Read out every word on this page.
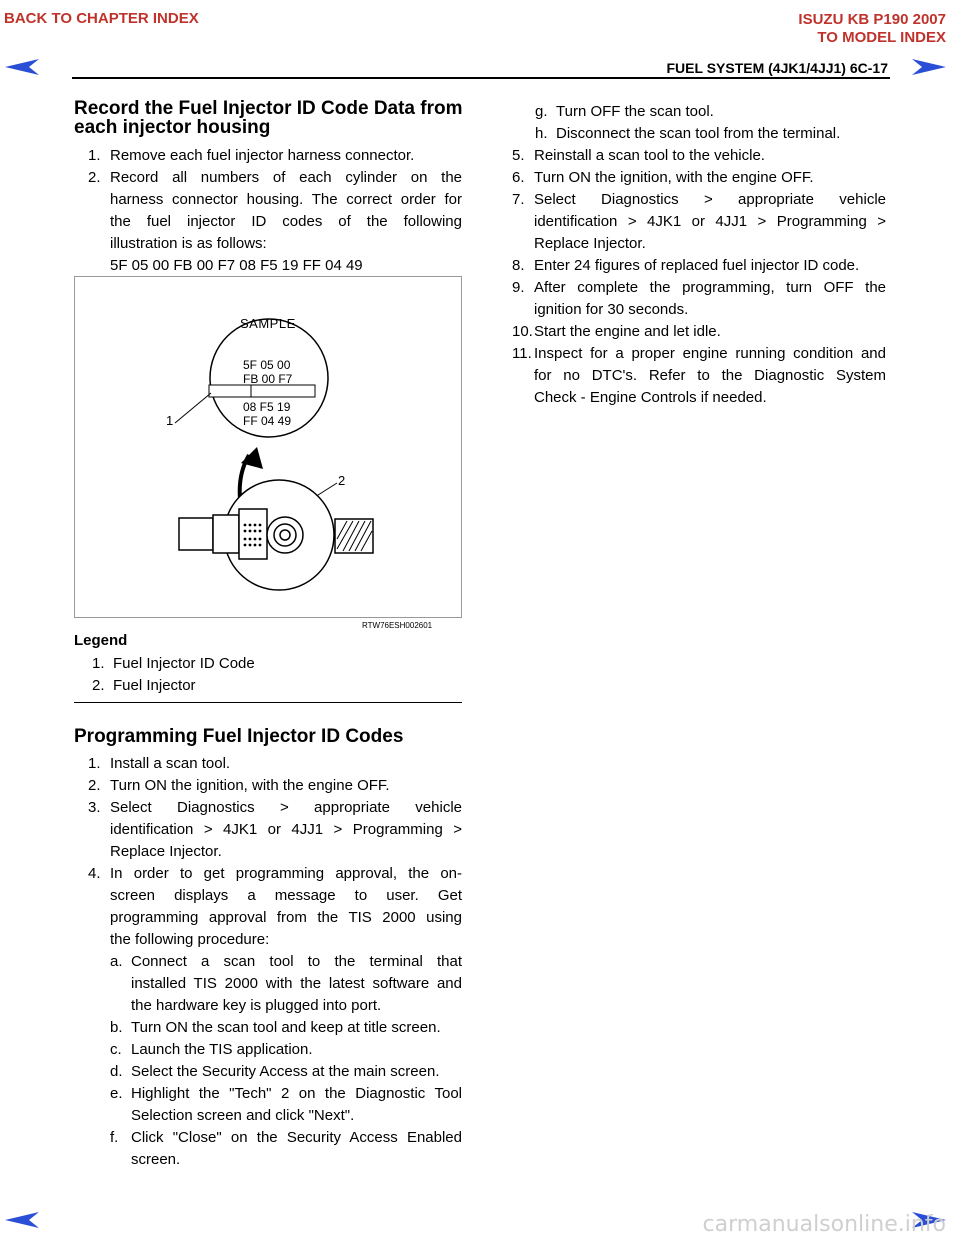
BACK TO CHAPTER INDEX	ISUZU KB P190 2007
TO MODEL INDEX
FUEL SYSTEM (4JK1/4JJ1) 6C-17
Record the Fuel Injector ID Code Data from
each injector housing
1. Remove each fuel injector harness connector.
2. Record all numbers of each cylinder on the
harness connector housing. The correct order for
the fuel injector ID codes of the following
illustration is as follows:
5F 05 00 FB 00 F7 08 F5 19 FF 04 49
SAMPLE
5F 05 00
FB 00 F7
08 F5 19
FF 04 49
1
2
RTW76ESH002601
Legend
1. Fuel Injector ID Code
2. Fuel Injector
Programming Fuel Injector ID Codes
1. Install a scan tool.
2. Turn ON the ignition, with the engine OFF.
3. Select Diagnostics > appropriate vehicle
identification > 4JK1 or 4JJ1 > Programming >
Replace Injector.
4. In order to get programming approval, the on-
screen displays a message to user. Get
programming approval from the TIS 2000 using
the following procedure:
a. Connect a scan tool to the terminal that
installed TIS 2000 with the latest software and
the hardware key is plugged into port.
b. Turn ON the scan tool and keep at title screen.
c. Launch the TIS application.
d. Select the Security Access at the main screen.
e. Highlight the "Tech" 2 on the Diagnostic Tool
Selection screen and click "Next".
f. Click "Close" on the Security Access Enabled
screen.
g. Turn OFF the scan tool.
h. Disconnect the scan tool from the terminal.
5. Reinstall a scan tool to the vehicle.
6. Turn ON the ignition, with the engine OFF.
7. Select Diagnostics > appropriate vehicle
identification > 4JK1 or 4JJ1 > Programming >
Replace Injector.
8. Enter 24 figures of replaced fuel injector ID code.
9. After complete the programming, turn OFF the
ignition for 30 seconds.
10. Start the engine and let idle.
11. Inspect for a proper engine running condition and
for no DTC's. Refer to the Diagnostic System
Check - Engine Controls if needed.
carmanualsonline.info
